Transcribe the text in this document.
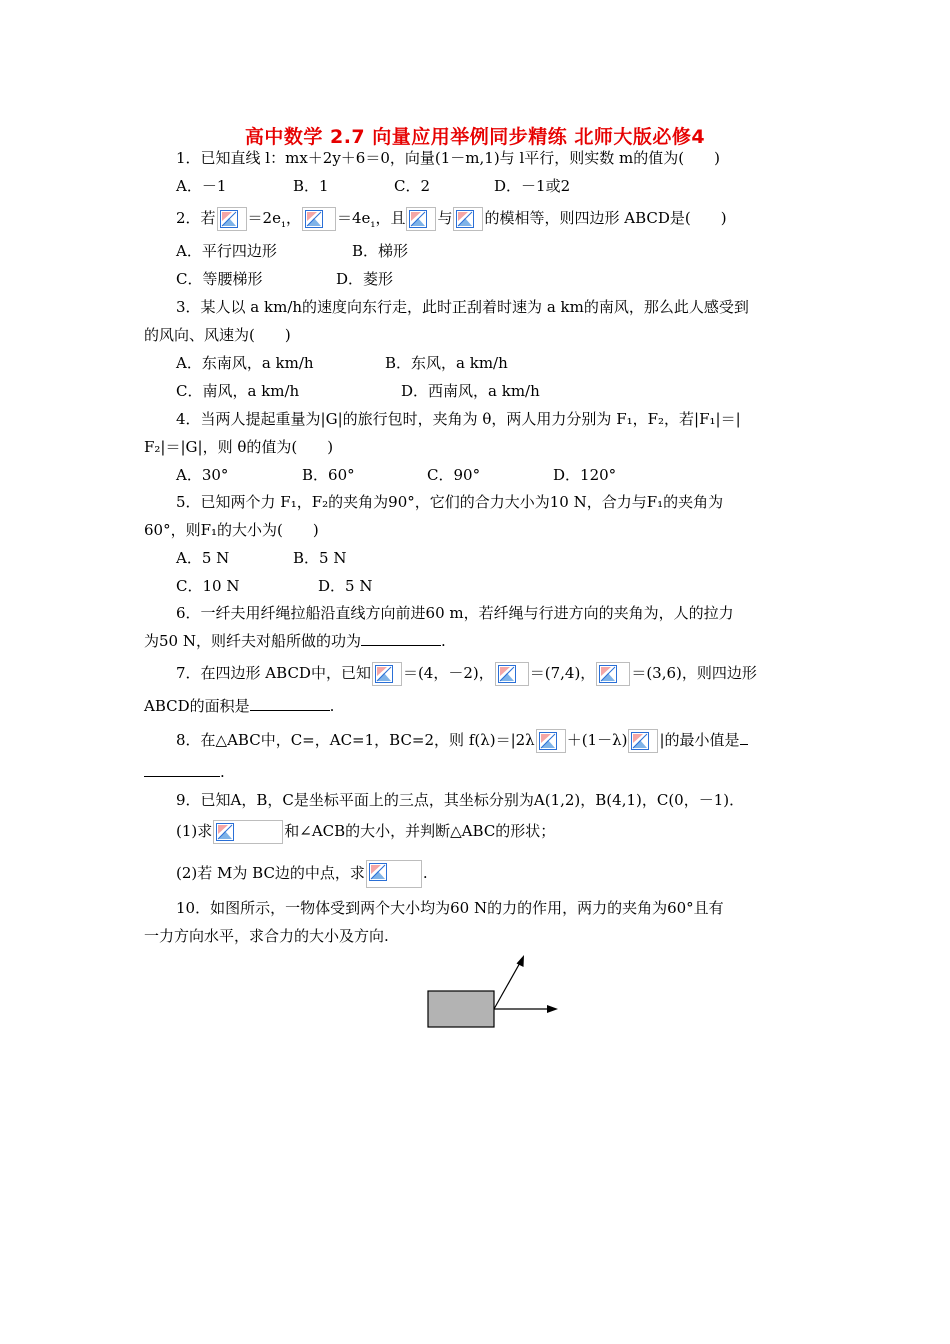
高中数学 2.7 向量应用举例同步精练 北师大版必修4
1．已知直线 l：mx＋2y＋6＝0，向量(1－m,1)与 l平行，则实数 m的值为(　　)
A．－1	B．1	C．2	D．－1或2
2．若 $=2e_{_1}$， $=4e_{_1}$，且 与 的模相等，则四边形 ABCD是(　　)
A．平行四边形	B．梯形
C．等腰梯形	D．菱形
3．某人以 a km/h的速度向东行走，此时正刮着时速为 a km的南风，那么此人感受到
的风向、风速为(　　)
A．东南风，a km/h	B．东风，a km/h
C．南风，a km/h	D．西南风，a km/h
4．当两人提起重量为|G|的旅行包时，夹角为 θ，两人用力分别为 F₁，F₂，若|F₁|＝|
F₂|＝|G|，则 θ的值为(　　)
A．30°	B．60°	C．90°	D．120°
5．已知两个力 F₁，F₂的夹角为90°，它们的合力大小为10 N，合力与F₁的夹角为
60°，则F₁的大小为(　　)
A．5 N	B．5 N
C．10 N	D．5 N
6．一纤夫用纤绳拉船沿直线方向前进60 m，若纤绳与行进方向的夹角为，人的拉力
为50 N，则纤夫对船所做的功为	.
7．在四边形 ABCD中，已知 ＝(4，－2)， ＝(7,4)， ＝(3,6)，则四边形
ABCD的面积是	.
8．在△ABC中，C=，AC=1，BC=2，则 f(λ)＝|2λ ＋(1－λ) |的最小值是
.
9．已知A，B，C是坐标平面上的三点，其坐标分别为A(1,2)，B(4,1)，C(0，－1)．
(1)求	和∠ACB的大小，并判断△ABC的形状；
(2)若 M为 BC边的中点，求	.
10．如图所示，一物体受到两个大小均为60 N的力的作用，两力的夹角为60°且有
一力方向水平，求合力的大小及方向.
